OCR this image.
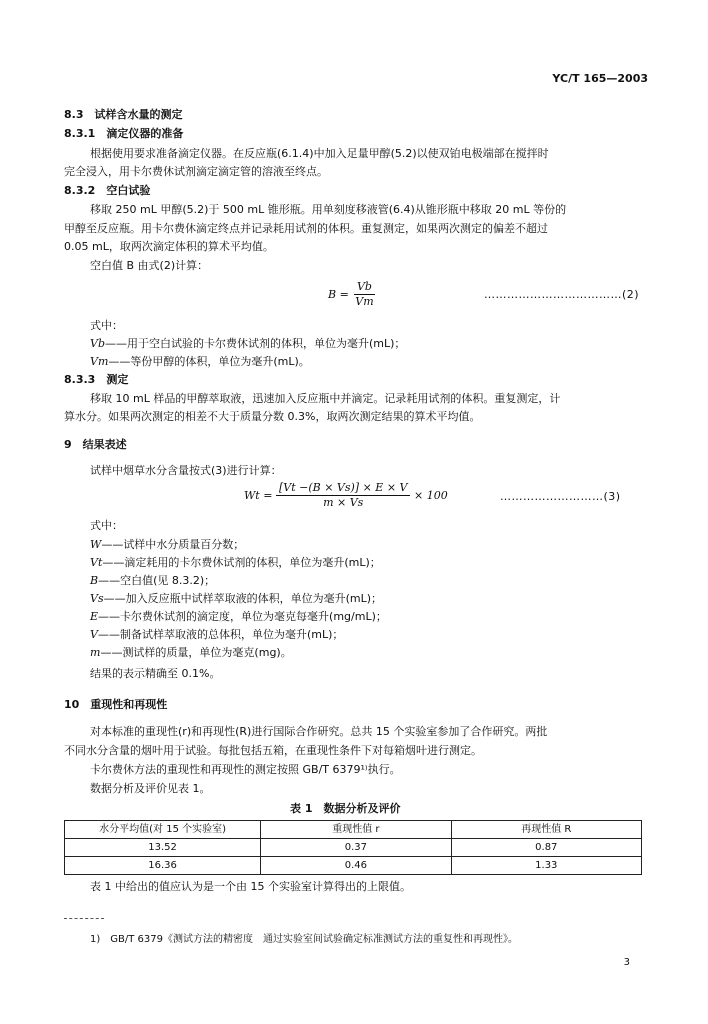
YC/T 165—2003
8.3　试样含水量的测定
8.3.1　滴定仪器的准备
根据使用要求准备滴定仪器。在反应瓶(6.1.4)中加入足量甲醇(5.2)以使双铂电极端部在搅拌时
完全浸入，用卡尔费休试剂滴定滴定管的溶液至终点。
8.3.2　空白试验
移取 250 mL 甲醇(5.2)于 500 mL 锥形瓶。用单刻度移液管(6.4)从锥形瓶中移取 20 mL 等份的
甲醇至反应瓶。用卡尔费休滴定终点并记录耗用试剂的体积。重复测定，如果两次测定的偏差不超过
0.05 mL，取两次滴定体积的算术平均值。
空白值 B 由式(2)计算：
$B = \frac{Vb}{Vm}$	………………………………(2)
式中：
Vb——用于空白试验的卡尔费休试剂的体积，单位为毫升(mL)；
Vm——等份甲醇的体积，单位为毫升(mL)。
8.3.3　测定
移取 10 mL 样品的甲醇萃取液，迅速加入反应瓶中并滴定。记录耗用试剂的体积。重复测定，计
算水分。如果两次测定的相差不大于质量分数 0.3%，取两次测定结果的算术平均值。
9　结果表述
试样中烟草水分含量按式(3)进行计算：
$Wt = \frac{[Vt -(B \times Vs)] \times E \times V}{m \times Vs} \times 100$	………………………(3)
式中：
W——试样中水分质量百分数；
Vt——滴定耗用的卡尔费休试剂的体积，单位为毫升(mL)；
B——空白值(见 8.3.2)；
Vs——加入反应瓶中试样萃取液的体积，单位为毫升(mL)；
E——卡尔费休试剂的滴定度，单位为毫克每毫升(mg/mL)；
V——制备试样萃取液的总体积，单位为毫升(mL)；
m——测试样的质量，单位为毫克(mg)。
结果的表示精确至 0.1%。
10　重现性和再现性
对本标准的重现性(r)和再现性(R)进行国际合作研究。总共 15 个实验室参加了合作研究。两批
不同水分含量的烟叶用于试验。每批包括五箱，在重现性条件下对每箱烟叶进行测定。
卡尔费休方法的重现性和再现性的测定按照 GB/T 6379¹⁾执行。
数据分析及评价见表 1。
表 1　数据分析及评价
水分平均值(对 15 个实验室)	重现性值 r	再现性值 R
13.52	0.37	0.87
16.36	0.46	1.33
表 1 中给出的值应认为是一个由 15 个实验室计算得出的上限值。
1)　GB/T 6379《测试方法的精密度　通过实验室间试验确定标准测试方法的重复性和再现性》。
3
